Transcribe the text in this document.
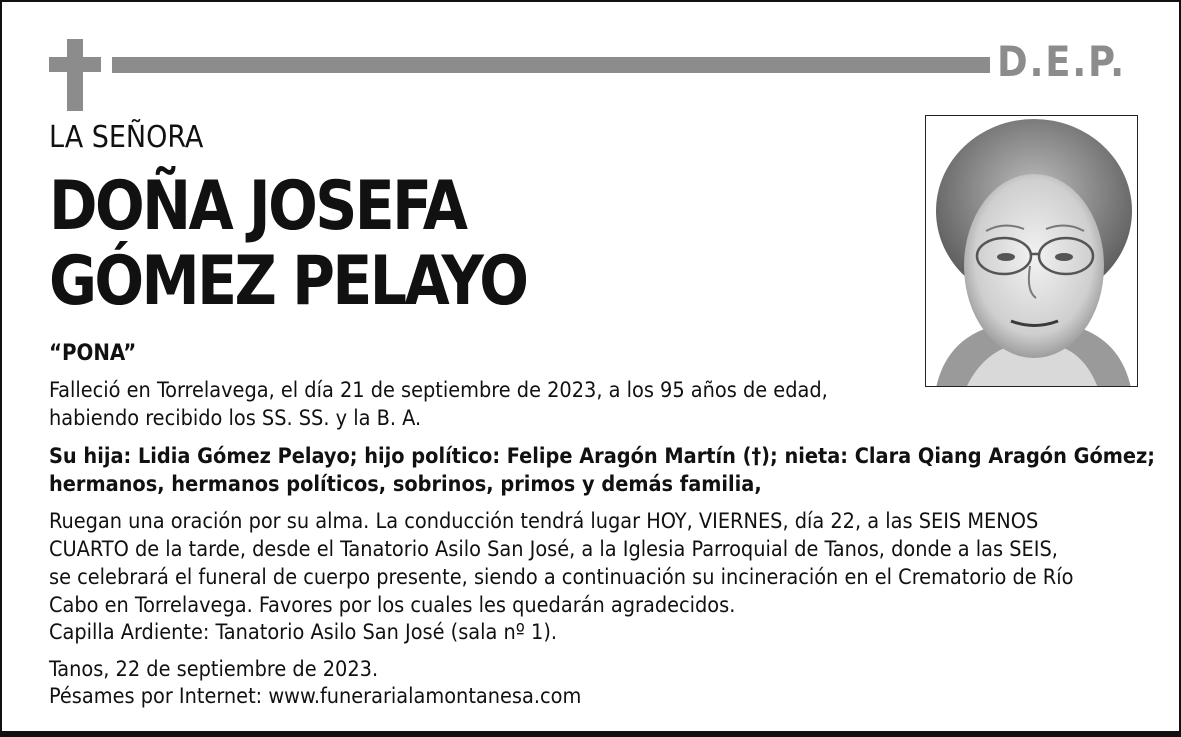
D.E.P.
LA SEÑORA
DOÑA JOSEFA
GÓMEZ PELAYO
“PONA”
Falleció en Torrelavega, el día 21 de septiembre de 2023, a los 95 años de edad,
habiendo recibido los SS. SS. y la B. A.
Su hija: Lidia Gómez Pelayo; hijo político: Felipe Aragón Martín (†); nieta: Clara Qiang Aragón Gómez;
hermanos, hermanos políticos, sobrinos, primos y demás familia,
Ruegan una oración por su alma. La conducción tendrá lugar HOY, VIERNES, día 22, a las SEIS MENOS
CUARTO de la tarde, desde el Tanatorio Asilo San José, a la Iglesia Parroquial de Tanos, donde a las SEIS,
se celebrará el funeral de cuerpo presente, siendo a continuación su incineración en el Crematorio de Río
Cabo en Torrelavega. Favores por los cuales les quedarán agradecidos.
Capilla Ardiente: Tanatorio Asilo San José (sala nº 1).
Tanos, 22 de septiembre de 2023.
Pésames por Internet: www.funerarialamontanesa.com
